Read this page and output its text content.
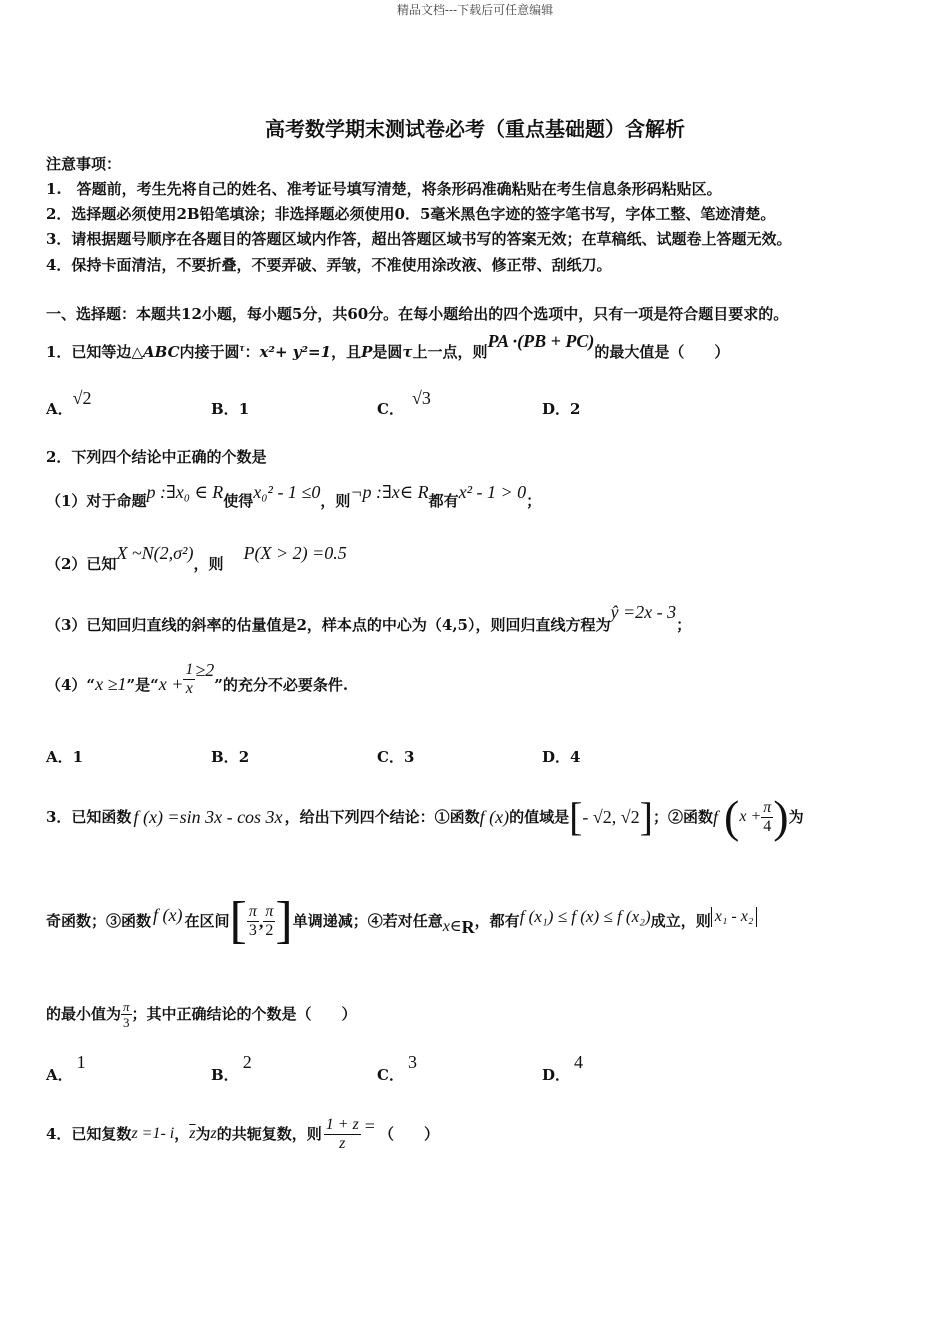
精品文档---下载后可任意编辑
高考数学期末测试卷必考（重点基础题）含解析
注意事项：
1.　答题前，考生先将自己的姓名、准考证号填写清楚，将条形码准确粘贴在考生信息条形码粘贴区。
2．选择题必须使用2B铅笔填涂；非选择题必须使用0．5毫米黑色字迹的签字笔书写，字体工整、笔迹清楚。
3．请根据题号顺序在各题目的答题区域内作答，超出答题区域书写的答案无效；在草稿纸、试题卷上答题无效。
4．保持卡面清洁，不要折叠，不要弄破、弄皱，不准使用涂改液、修正带、刮纸刀。
一、选择题：本题共12小题，每小题5分，共60分。在每小题给出的四个选项中，只有一项是符合题目要求的。
1．已知等边△ABC内接于圆$^\tau$：x²+ y²=1，且P是圆τ上一点，则PA ·(PB + PC)的最大值是（　　）
A．√2
B．1	C．√3
D．2
2．下列四个结论中正确的个数是
（1）对于命题p :∃x₀ ∈ R使得x₀² - 1 ≤0，则¬p :∃x∈ R都有x² - 1 > 0；
（2）已知X ~N(2,σ²)，则P(X > 2) =0.5
（3）已知回归直线的斜率的估量值是2，样本点的中心为（4,5），则回归直线方程为ŷ =2x - 3；
（4）“x ≥1”是“$x + \frac{1}{x} \ge 2$”的充分不必要条件.
A．1	B．2	C．3	D．4
3．已知函数 f (x) =sin 3x - cos 3x ，给出下列四个结论：①函数 f (x) 的值域是 [ - √2, √2 ] ；②函数 f ( $x + \frac{\pi}{4}$ ) 为
奇函数；③函数 f (x) 在区间 [ $\frac{\pi}{3}$ , $\frac{\pi}{2}$ ] 单调递减；④若对任意 x∈ R ，都有 f (x₁) ≤ f (x) ≤ f (x₂) 成立，则 x₁ - x₂
的最小值为 $\frac{\pi}{3}$ ；其中正确结论的个数是（　　）
A．1
B．2
C．3
D．4
4．已知复数 z =1- i ， $\overline{z}$ 为 z 的共轭复数，则 $\frac{1 + z}{z}$ = （　　）
